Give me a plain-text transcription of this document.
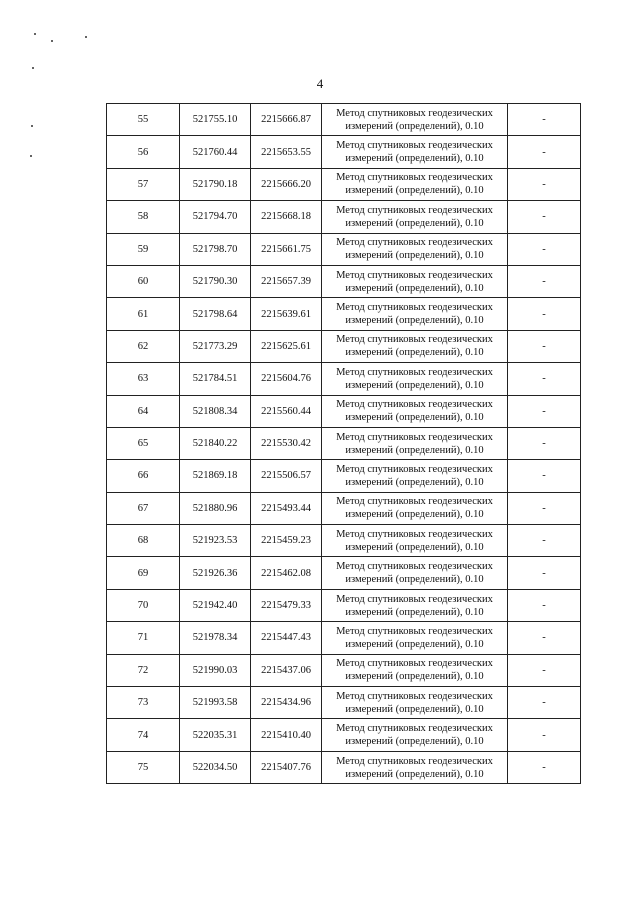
4
55	521755.10	2215666.87	Метод спутниковых геодезических
измерений (определений), 0.10	-
56	521760.44	2215653.55	Метод спутниковых геодезических
измерений (определений), 0.10	-
57	521790.18	2215666.20	Метод спутниковых геодезических
измерений (определений), 0.10	-
58	521794.70	2215668.18	Метод спутниковых геодезических
измерений (определений), 0.10	-
59	521798.70	2215661.75	Метод спутниковых геодезических
измерений (определений), 0.10	-
60	521790.30	2215657.39	Метод спутниковых геодезических
измерений (определений), 0.10	-
61	521798.64	2215639.61	Метод спутниковых геодезических
измерений (определений), 0.10	-
62	521773.29	2215625.61	Метод спутниковых геодезических
измерений (определений), 0.10	-
63	521784.51	2215604.76	Метод спутниковых геодезических
измерений (определений), 0.10	-
64	521808.34	2215560.44	Метод спутниковых геодезических
измерений (определений), 0.10	-
65	521840.22	2215530.42	Метод спутниковых геодезических
измерений (определений), 0.10	-
66	521869.18	2215506.57	Метод спутниковых геодезических
измерений (определений), 0.10	-
67	521880.96	2215493.44	Метод спутниковых геодезических
измерений (определений), 0.10	-
68	521923.53	2215459.23	Метод спутниковых геодезических
измерений (определений), 0.10	-
69	521926.36	2215462.08	Метод спутниковых геодезических
измерений (определений), 0.10	-
70	521942.40	2215479.33	Метод спутниковых геодезических
измерений (определений), 0.10	-
71	521978.34	2215447.43	Метод спутниковых геодезических
измерений (определений), 0.10	-
72	521990.03	2215437.06	Метод спутниковых геодезических
измерений (определений), 0.10	-
73	521993.58	2215434.96	Метод спутниковых геодезических
измерений (определений), 0.10	-
74	522035.31	2215410.40	Метод спутниковых геодезических
измерений (определений), 0.10	-
75	522034.50	2215407.76	Метод спутниковых геодезических
измерений (определений), 0.10	-
